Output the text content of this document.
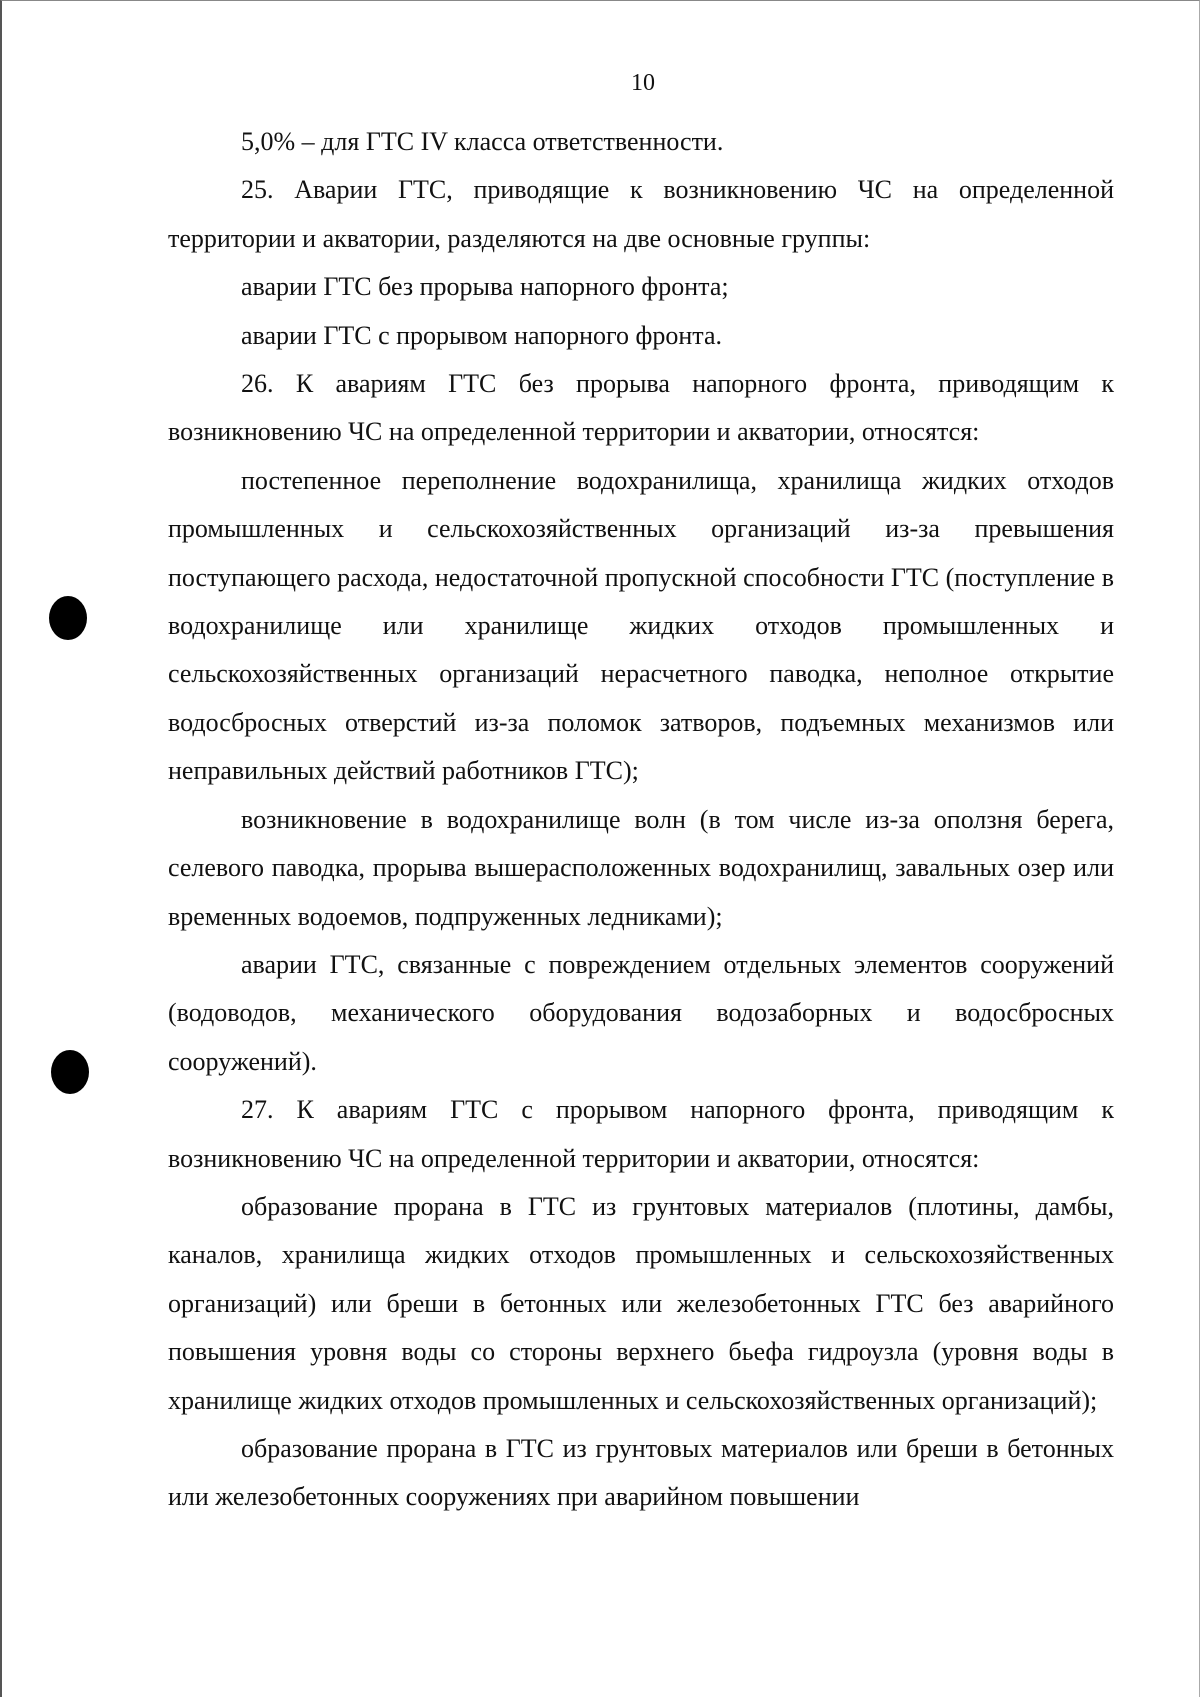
10

5,0% – для ГТС IV класса ответственности.

25. Аварии ГТС, приводящие к возникновению ЧС на определенной территории и акватории, разделяются на две основные группы:

аварии ГТС без прорыва напорного фронта;

аварии ГТС с прорывом напорного фронта.

26. К авариям ГТС без прорыва напорного фронта, приводящим к возникновению ЧС на определенной территории и акватории, относятся:

постепенное переполнение водохранилища, хранилища жидких отходов промышленных и сельскохозяйственных организаций из-за превышения поступающего расхода, недостаточной пропускной способности ГТС (поступление в водохранилище или хранилище жидких отходов промышленных и сельскохозяйственных организаций нерасчетного паводка, неполное открытие водосбросных отверстий из-за поломок затворов, подъемных механизмов или неправильных действий работников ГТС);

возникновение в водохранилище волн (в том числе из-за оползня берега, селевого паводка, прорыва вышерасположенных водохранилищ, завальных озер или временных водоемов, подпруженных ледниками);

аварии ГТС, связанные с повреждением отдельных элементов сооружений (водоводов, механического оборудования водозаборных и водосбросных сооружений).

27. К авариям ГТС с прорывом напорного фронта, приводящим к возникновению ЧС на определенной территории и акватории, относятся:

образование прорана в ГТС из грунтовых материалов (плотины, дамбы, каналов, хранилища жидких отходов промышленных и сельскохозяйственных организаций) или бреши в бетонных или железобетонных ГТС без аварийного повышения уровня воды со стороны верхнего бьефа гидроузла (уровня воды в хранилище жидких отходов промышленных и сельскохозяйственных организаций);

образование прорана в ГТС из грунтовых материалов или бреши в бетонных или железобетонных сооружениях при аварийном повышении
